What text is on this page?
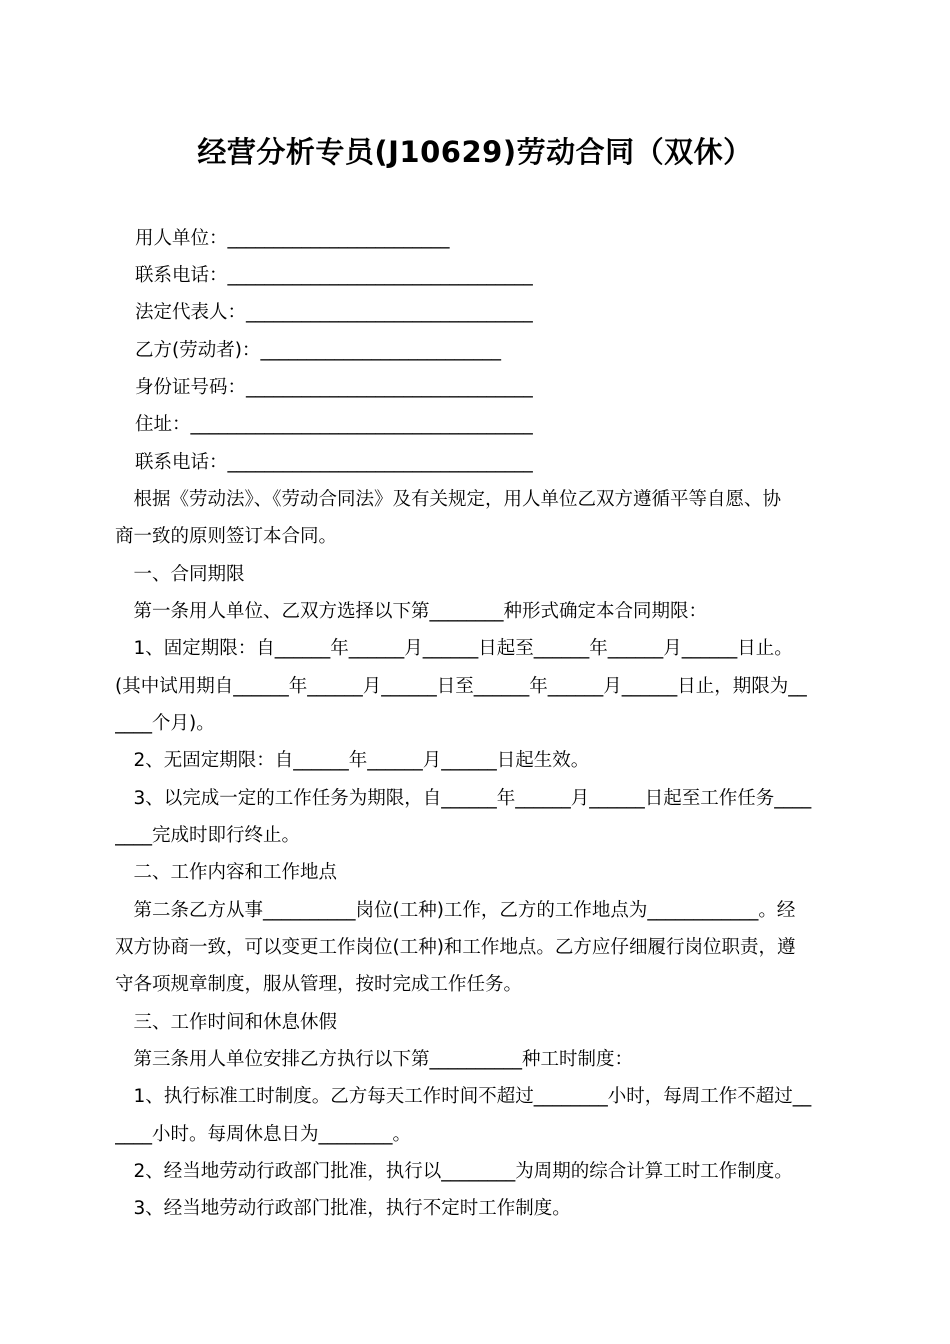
经营分析专员(J10629)劳动合同（双休）
用人单位：________________________
联系电话：_________________________________
法定代表人：_______________________________
乙方(劳动者)：__________________________
身份证号码：_______________________________
住址：_____________________________________
联系电话：_________________________________
　根据《劳动法》、《劳动合同法》及有关规定，用人单位乙双方遵循平等自愿、协
商一致的原则签订本合同。
　一、合同期限
　第一条用人单位、乙双方选择以下第________种形式确定本合同期限：
　1、固定期限：自______年______月______日起至______年______月______日止。
(其中试用期自______年______月______日至______年______月______日止，期限为__
____个月)。
　2、无固定期限：自______年______月______日起生效。
　3、以完成一定的工作任务为期限，自______年______月______日起至工作任务____
____完成时即行终止。
　二、工作内容和工作地点
　第二条乙方从事__________岗位(工种)工作，乙方的工作地点为____________。经
双方协商一致，可以变更工作岗位(工种)和工作地点。乙方应仔细履行岗位职责，遵
守各项规章制度，服从管理，按时完成工作任务。
　三、工作时间和休息休假
　第三条用人单位安排乙方执行以下第__________种工时制度：
　1、执行标准工时制度。乙方每天工作时间不超过________小时，每周工作不超过__
____小时。每周休息日为________。
　2、经当地劳动行政部门批准，执行以________为周期的综合计算工时工作制度。
　3、经当地劳动行政部门批准，执行不定时工作制度。
